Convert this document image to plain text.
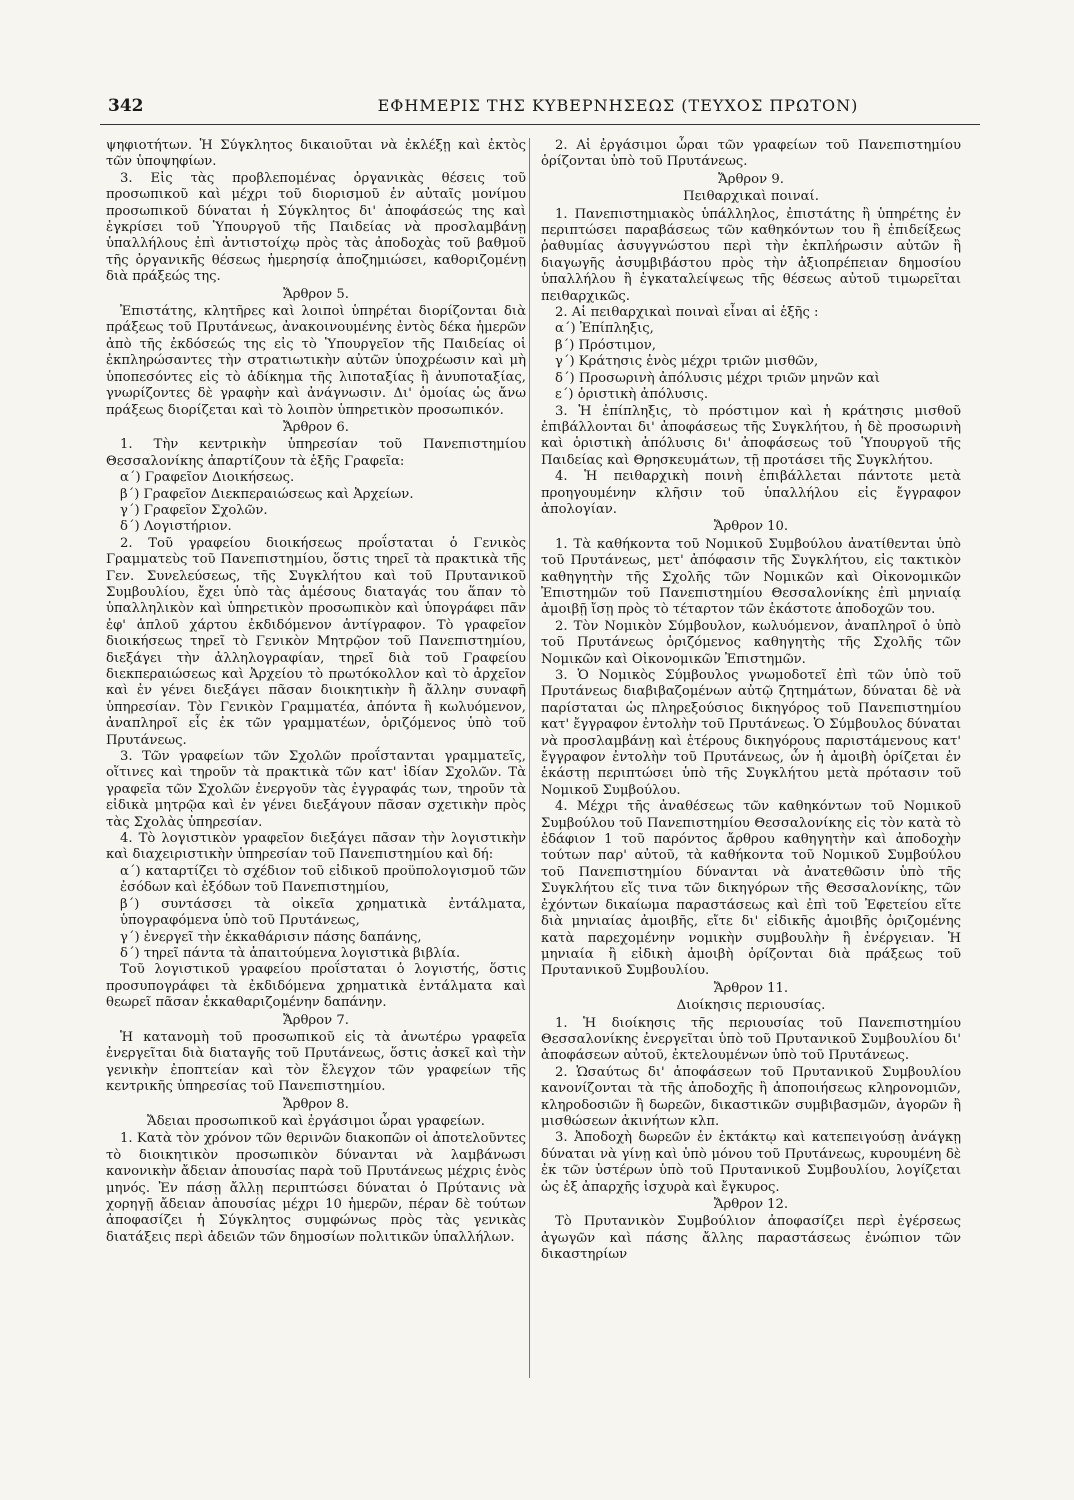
342	ΕΦΗΜΕΡΙΣ ΤΗΣ ΚΥΒΕΡΝΗΣΕΩΣ (ΤΕΥΧΟΣ ΠΡΩΤΟΝ)

ψηφιοτήτων. Ἡ Σύγκλητος δικαιοῦται νὰ ἐκλέξῃ καὶ ἐκτὸς τῶν ὑποψηφίων.

3. Εἰς τὰς προβλεπομένας ὀργανικὰς θέσεις τοῦ προσωπικοῦ καὶ μέχρι τοῦ διορισμοῦ ἐν αὐταῖς μονίμου προσωπικοῦ δύναται ἡ Σύγκλητος δι' ἀποφάσεώς της καὶ ἐγκρίσει τοῦ Ὑπουργοῦ τῆς Παιδείας νὰ προσλαμβάνῃ ὑπαλλήλους ἐπὶ ἀντιστοίχῳ πρὸς τὰς ἀποδοχὰς τοῦ βαθμοῦ τῆς ὀργανικῆς θέσεως ἡμερησίᾳ ἀποζημιώσει, καθοριζομένῃ διὰ πράξεώς της.

Ἄρθρον 5.

Ἐπιστάτης, κλητῆρες καὶ λοιποὶ ὑπηρέται διορίζονται διὰ πράξεως τοῦ Πρυτάνεως, ἀνακοινουμένης ἐντὸς δέκα ἡμερῶν ἀπὸ τῆς ἐκδόσεώς της εἰς τὸ Ὑπουργεῖον τῆς Παιδείας οἱ ἐκπληρώσαντες τὴν στρατιωτικὴν αὐτῶν ὑποχρέωσιν καὶ μὴ ὑποπεσόντες εἰς τὸ ἀδίκημα τῆς λιποταξίας ἢ ἀνυποταξίας, γνωρίζοντες δὲ γραφὴν καὶ ἀνάγνωσιν. Δι' ὁμοίας ὡς ἄνω πράξεως διορίζεται καὶ τὸ λοιπὸν ὑπηρετικὸν προσωπικόν.

Ἄρθρον 6.

1. Τὴν κεντρικὴν ὑπηρεσίαν τοῦ Πανεπιστημίου Θεσσαλονίκης ἀπαρτίζουν τὰ ἑξῆς Γραφεῖα:

α΄) Γραφεῖον Διοικήσεως.

β΄) Γραφεῖον Διεκπεραιώσεως καὶ Ἀρχείων.

γ΄) Γραφεῖον Σχολῶν.

δ΄) Λογιστήριον.

2. Τοῦ γραφείου διοικήσεως προΐσταται ὁ Γενικὸς Γραμματεὺς τοῦ Πανεπιστημίου, ὅστις τηρεῖ τὰ πρακτικὰ τῆς Γεν. Συνελεύσεως, τῆς Συγκλήτου καὶ τοῦ Πρυτανικοῦ Συμβουλίου, ἔχει ὑπὸ τὰς ἀμέσους διαταγάς του ἅπαν τὸ ὑπαλληλικὸν καὶ ὑπηρετικὸν προσωπικὸν καὶ ὑπογράφει πᾶν ἐφ' ἁπλοῦ χάρτου ἐκδιδόμενον ἀντίγραφον. Τὸ γραφεῖον διοικήσεως τηρεῖ τὸ Γενικὸν Μητρῷον τοῦ Πανεπιστημίου, διεξάγει τὴν ἀλληλογραφίαν, τηρεῖ διὰ τοῦ Γραφείου διεκπεραιώσεως καὶ Ἀρχείου τὸ πρωτόκολλον καὶ τὸ ἀρχεῖον καὶ ἐν γένει διεξάγει πᾶσαν διοικητικὴν ἢ ἄλλην συναφῆ ὑπηρεσίαν. Τὸν Γενικὸν Γραμματέα, ἀπόντα ἢ κωλυόμενον, ἀναπληροῖ εἷς ἐκ τῶν γραμματέων, ὁριζόμενος ὑπὸ τοῦ Πρυτάνεως.

3. Τῶν γραφείων τῶν Σχολῶν προΐστανται γραμματεῖς, οἵτινες καὶ τηροῦν τὰ πρακτικὰ τῶν κατ' ἰδίαν Σχολῶν. Τὰ γραφεῖα τῶν Σχολῶν ἐνεργοῦν τὰς ἐγγραφάς των, τηροῦν τὰ εἰδικὰ μητρῷα καὶ ἐν γένει διεξάγουν πᾶσαν σχετικὴν πρὸς τὰς Σχολὰς ὑπηρεσίαν.

4. Τὸ λογιστικὸν γραφεῖον διεξάγει πᾶσαν τὴν λογιστικὴν καὶ διαχειριστικὴν ὑπηρεσίαν τοῦ Πανεπιστημίου καὶ δή:

α΄) καταρτίζει τὸ σχέδιον τοῦ εἰδικοῦ προϋπολογισμοῦ τῶν ἐσόδων καὶ ἐξόδων τοῦ Πανεπιστημίου,

β΄) συντάσσει τὰ οἰκεῖα χρηματικὰ ἐντάλματα, ὑπογραφόμενα ὑπὸ τοῦ Πρυτάνεως,

γ΄) ἐνεργεῖ τὴν ἐκκαθάρισιν πάσης δαπάνης,

δ΄) τηρεῖ πάντα τὰ ἀπαιτούμενα λογιστικὰ βιβλία.

Τοῦ λογιστικοῦ γραφείου προΐσταται ὁ λογιστής, ὅστις προσυπογράφει τὰ ἐκδιδόμενα χρηματικὰ ἐντάλματα καὶ θεωρεῖ πᾶσαν ἐκκαθαριζομένην δαπάνην.

Ἄρθρον 7.

Ἡ κατανομὴ τοῦ προσωπικοῦ εἰς τὰ ἀνωτέρω γραφεῖα ἐνεργεῖται διὰ διαταγῆς τοῦ Πρυτάνεως, ὅστις ἀσκεῖ καὶ τὴν γενικὴν ἐποπτείαν καὶ τὸν ἔλεγχον τῶν γραφείων τῆς κεντρικῆς ὑπηρεσίας τοῦ Πανεπιστημίου.

Ἄρθρον 8.
Ἄδειαι προσωπικοῦ καὶ ἐργάσιμοι ὧραι γραφείων.

1. Κατὰ τὸν χρόνον τῶν θερινῶν διακοπῶν οἱ ἀποτελοῦντες τὸ διοικητικὸν προσωπικὸν δύνανται νὰ λαμβάνωσι κανονικὴν ἄδειαν ἀπουσίας παρὰ τοῦ Πρυτάνεως μέχρις ἑνὸς μηνός. Ἐν πάσῃ ἄλλῃ περιπτώσει δύναται ὁ Πρύτανις νὰ χορηγῇ ἄδειαν ἀπουσίας μέχρι 10 ἡμερῶν, πέραν δὲ τούτων ἀποφασίζει ἡ Σύγκλητος συμφώνως πρὸς τὰς γενικὰς διατάξεις περὶ ἀδειῶν τῶν δημοσίων πολιτικῶν ὑπαλλήλων.

2. Αἱ ἐργάσιμοι ὧραι τῶν γραφείων τοῦ Πανεπιστημίου ὁρίζονται ὑπὸ τοῦ Πρυτάνεως.

Ἄρθρον 9.
Πειθαρχικαὶ ποιναί.

1. Πανεπιστημιακὸς ὑπάλληλος, ἐπιστάτης ἢ ὑπηρέτης ἐν περιπτώσει παραβάσεως τῶν καθηκόντων του ἢ ἐπιδείξεως ῥαθυμίας ἀσυγγνώστου περὶ τὴν ἐκπλήρωσιν αὐτῶν ἢ διαγωγῆς ἀσυμβιβάστου πρὸς τὴν ἀξιοπρέπειαν δημοσίου ὑπαλλήλου ἢ ἐγκαταλείψεως τῆς θέσεως αὐτοῦ τιμωρεῖται πειθαρχικῶς.

2. Αἱ πειθαρχικαὶ ποιναὶ εἶναι αἱ ἑξῆς :

α΄) Ἐπίπληξις,

β΄) Πρόστιμον,

γ΄) Κράτησις ἑνὸς μέχρι τριῶν μισθῶν,

δ΄) Προσωρινὴ ἀπόλυσις μέχρι τριῶν μηνῶν καὶ

ε΄) ὁριστικὴ ἀπόλυσις.

3. Ἡ ἐπίπληξις, τὸ πρόστιμον καὶ ἡ κράτησις μισθοῦ ἐπιβάλλονται δι' ἀποφάσεως τῆς Συγκλήτου, ἡ δὲ προσωρινὴ καὶ ὁριστικὴ ἀπόλυσις δι' ἀποφάσεως τοῦ Ὑπουργοῦ τῆς Παιδείας καὶ Θρησκευμάτων, τῇ προτάσει τῆς Συγκλήτου.

4. Ἡ πειθαρχικὴ ποινὴ ἐπιβάλλεται πάντοτε μετὰ προηγουμένην κλῆσιν τοῦ ὑπαλλήλου εἰς ἔγγραφον ἀπολογίαν.

Ἄρθρον 10.

1. Τὰ καθήκοντα τοῦ Νομικοῦ Συμβούλου ἀνατίθενται ὑπὸ τοῦ Πρυτάνεως, μετ' ἀπόφασιν τῆς Συγκλήτου, εἰς τακτικὸν καθηγητὴν τῆς Σχολῆς τῶν Νομικῶν καὶ Οἰκονομικῶν Ἐπιστημῶν τοῦ Πανεπιστημίου Θεσσαλονίκης ἐπὶ μηνιαίᾳ ἀμοιβῇ ἴσῃ πρὸς τὸ τέταρτον τῶν ἑκάστοτε ἀποδοχῶν του.

2. Τὸν Νομικὸν Σύμβουλον, κωλυόμενον, ἀναπληροῖ ὁ ὑπὸ τοῦ Πρυτάνεως ὁριζόμενος καθηγητὴς τῆς Σχολῆς τῶν Νομικῶν καὶ Οἰκονομικῶν Ἐπιστημῶν.

3. Ὁ Νομικὸς Σύμβουλος γνωμοδοτεῖ ἐπὶ τῶν ὑπὸ τοῦ Πρυτάνεως διαβιβαζομένων αὐτῷ ζητημάτων, δύναται δὲ νὰ παρίσταται ὡς πληρεξούσιος δικηγόρος τοῦ Πανεπιστημίου κατ' ἔγγραφον ἐντολὴν τοῦ Πρυτάνεως. Ὁ Σύμβουλος δύναται νὰ προσλαμβάνῃ καὶ ἑτέρους δικηγόρους παριστάμενους κατ' ἔγγραφον ἐντολὴν τοῦ Πρυτάνεως, ὧν ἡ ἀμοιβὴ ὁρίζεται ἐν ἑκάστῃ περιπτώσει ὑπὸ τῆς Συγκλήτου μετὰ πρότασιν τοῦ Νομικοῦ Συμβούλου.

4. Μέχρι τῆς ἀναθέσεως τῶν καθηκόντων τοῦ Νομικοῦ Συμβούλου τοῦ Πανεπιστημίου Θεσσαλονίκης εἰς τὸν κατὰ τὸ ἐδάφιον 1 τοῦ παρόντος ἄρθρου καθηγητὴν καὶ ἀποδοχὴν τούτων παρ' αὐτοῦ, τὰ καθήκοντα τοῦ Νομικοῦ Συμβούλου τοῦ Πανεπιστημίου δύνανται νὰ ἀνατεθῶσιν ὑπὸ τῆς Συγκλήτου εἴς τινα τῶν δικηγόρων τῆς Θεσσαλονίκης, τῶν ἐχόντων δικαίωμα παραστάσεως καὶ ἐπὶ τοῦ Ἐφετείου εἴτε διὰ μηνιαίας ἀμοιβῆς, εἴτε δι' εἰδικῆς ἀμοιβῆς ὁριζομένης κατὰ παρεχομένην νομικὴν συμβουλὴν ἢ ἐνέργειαν. Ἡ μηνιαία ἢ εἰδικὴ ἀμοιβὴ ὁρίζονται διὰ πράξεως τοῦ Πρυτανικοῦ Συμβουλίου.

Ἄρθρον 11.
Διοίκησις περιουσίας.

1. Ἡ διοίκησις τῆς περιουσίας τοῦ Πανεπιστημίου Θεσσαλονίκης ἐνεργεῖται ὑπὸ τοῦ Πρυτανικοῦ Συμβουλίου δι' ἀποφάσεων αὐτοῦ, ἐκτελουμένων ὑπὸ τοῦ Πρυτάνεως.

2. Ὡσαύτως δι' ἀποφάσεων τοῦ Πρυτανικοῦ Συμβουλίου κανονίζονται τὰ τῆς ἀποδοχῆς ἢ ἀποποιήσεως κληρονομιῶν, κληροδοσιῶν ἢ δωρεῶν, δικαστικῶν συμβιβασμῶν, ἀγορῶν ἢ μισθώσεων ἀκινήτων κλπ.

3. Ἀποδοχὴ δωρεῶν ἐν ἐκτάκτῳ καὶ κατεπειγούσῃ ἀνάγκῃ δύναται νὰ γίνῃ καὶ ὑπὸ μόνου τοῦ Πρυτάνεως, κυρουμένη δὲ ἐκ τῶν ὑστέρων ὑπὸ τοῦ Πρυτανικοῦ Συμβουλίου, λογίζεται ὡς ἐξ ἀπαρχῆς ἰσχυρὰ καὶ ἔγκυρος.

Ἄρθρον 12.

Τὸ Πρυτανικὸν Συμβούλιον ἀποφασίζει περὶ ἐγέρσεως ἀγωγῶν καὶ πάσης ἄλλης παραστάσεως ἐνώπιον τῶν δικαστηρίων
